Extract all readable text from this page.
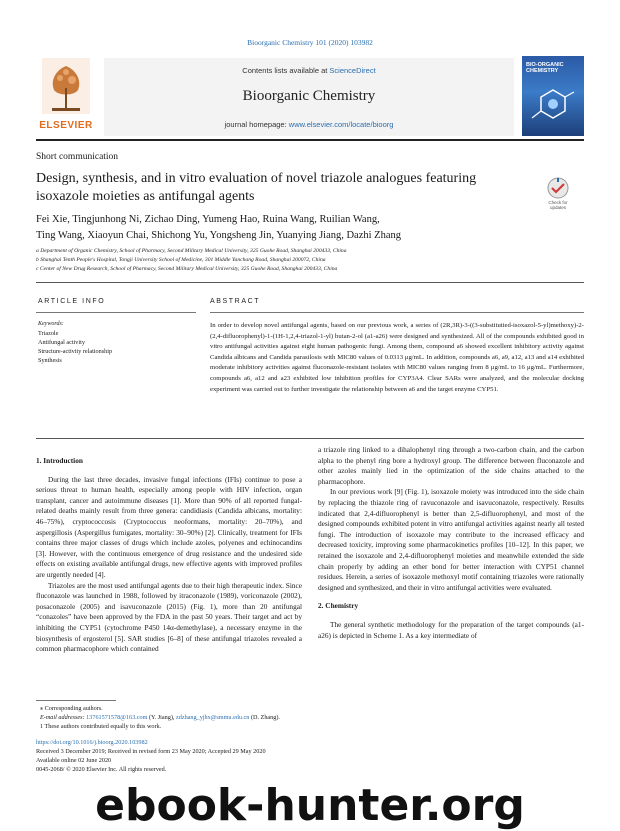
Bioorganic Chemistry 101 (2020) 103982
ELSEVIER
Contents lists available at ScienceDirect
Bioorganic Chemistry
journal homepage: www.elsevier.com/locate/bioorg
BIO-ORGANIC CHEMISTRY
Short communication
Design, synthesis, and in vitro evaluation of novel triazole analogues featuring isoxazole moieties as antifungal agents	Check for updates
Fei Xie, Tingjunhong Ni, Zichao Ding, Yumeng Hao, Ruina Wang, Ruilian Wang,
Ting Wang, Xiaoyun Chai, Shichong Yu, Yongsheng Jin, Yuanying Jiang, Dazhi Zhang
a Department of Organic Chemistry, School of Pharmacy, Second Military Medical University, 325 Guohe Road, Shanghai 200433, China
b Shanghai Tenth People's Hospital, Tongji University School of Medicine, 301 Middle Yanchang Road, Shanghai 200072, China
c Center of New Drug Research, School of Pharmacy, Second Military Medical University, 325 Guohe Road, Shanghai 200433, China
ARTICLE INFO
Keywords:
Triazole
Antifungal activity
Structure-activity relationship
Synthesis
ABSTRACT
In order to develop novel antifungal agents, based on our previous work, a series of (2R,3R)-3-((3-substitutied-isoxazol-5-yl)methoxy)-2-(2,4-difluorophenyl)-1-(1H-1,2,4-triazol-1-yl) butan-2-ol (a1-a26) were designed and synthesized. All of the compounds exhibited good in vitro antifungal activities against eight human pathogenic fungi. Among them, compound a6 showed excellent inhibitory activity against Candida albicans and Candida parasilosis with MIC80 values of 0.0313 μg/mL. In addition, compounds a6, a9, a12, a13 and a14 exhibited moderate inhibitory activities against fluconazole-resistant isolates with MIC80 values ranging from 8 μg/mL to 16 μg/mL. Furthermore, compounds a6, a12 and a23 exhibited low inhibition profiles for CYP3A4. Clear SARs were analyzed, and the molecular docking experiment was carried out to further investigate the relationship between a6 and the target enzyme CYP51.
1. Introduction

During the last three decades, invasive fungal infections (IFIs) continue to pose a serious threat to human health, especially among people with HIV infection, organ transplant, cancer and autoimmune diseases [1]. More than 90% of all reported fungal-related deaths mainly result from three genera: candidiasis (Candida albicans, mortality: 46–75%), cryptococcosis (Cryptococcus neoformans, mortality: 20–70%), and aspergillosis (Aspergillus fumigates, mortality: 30–90%) [2]. Clinically, treatment for IFIs contains three major classes of drugs which include azoles, polyenes and echinocandins [3]. However, with the continuous emergence of drug resistance and the undesired side effects on existing available antifungal drugs, new effective agents with improved profiles are urgently needed [4].

Triazoles are the most used antifungal agents due to their high therapeutic index. Since fluconazole was launched in 1988, followed by itraconazole (1989), voriconazole (2002), posaconazole (2005) and isavuconazole (2015) (Fig. 1), more than 20 antifungal “conazoles” have been approved by the FDA in the past 50 years. Their target and act by inhibiting the CYP51 (cytochrome P450 14α-demethylase), a necessary enzyme in the biosynthesis of ergosterol [5]. SAR studies [6–8] of these antifungal triazoles revealed a common pharmacophore which contained

a triazole ring linked to a dihalophenyl ring through a two-carbon chain, and the carbon alpha to the phenyl ring bore a hydroxyl group. The difference between fluconazole and other azoles mainly lied in the optimization of the side chains attached to the pharmacophore.

In our previous work [9] (Fig. 1), isoxazole moiety was introduced into the side chain by replacing the thiazole ring of ravuconazole and isavuconazole, respectively. Results indicated that 2,4-difluorophenyl is better than 2,5-difluorophenyl, and most of the designed compounds exhibited potent in vitro antifungal activities against nearly all tested fungi. The introduction of isoxazole may contribute to the increased efficacy and decreased toxicity, improving some pharmacokinetics profiles [10–12]. In this paper, we retained the isoxazole and 2,4-difluorophenyl moieties and meanwhile extended the side chain properly by adding an ether bond for better interaction with CYP51 channel residues. Herein, a series of isoxazole methoxyl motif containing triazoles were rationally designed and synthesized, and their in vitro antifungal activities were evaluated.

2. Chemistry

The general synthetic methodology for the preparation of the target compounds (a1-a26) is depicted in Scheme 1. As a key intermediate of

⁎ Corresponding authors.
E-mail addresses: 13761571578@163.com (Y. Jiang), zdzhang_yjhx@smmu.edu.cn (D. Zhang).
1 These authors contributed equally to this work.
https://doi.org/10.1016/j.bioorg.2020.103982
Received 3 December 2019; Received in revised form 23 May 2020; Accepted 29 May 2020
Available online 02 June 2020
0045-2068/ © 2020 Elsevier Inc. All rights reserved.
ebook-hunter.org
